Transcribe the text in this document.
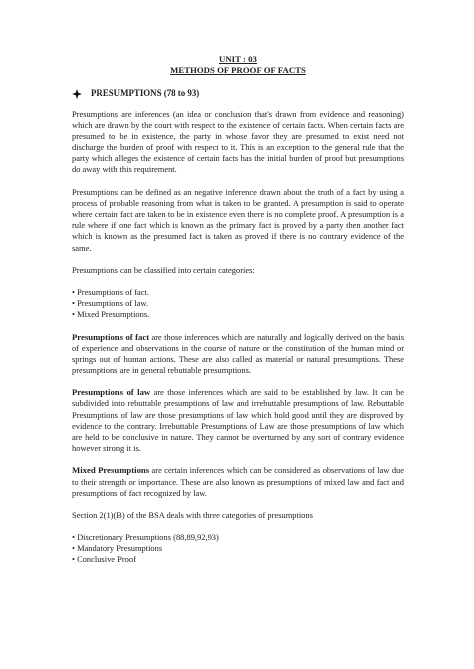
UNIT : 03
METHODS OF PROOF OF FACTS
PRESUMPTIONS (78 to 93)
Presumptions are inferences (an idea or conclusion that's drawn from evidence and reasoning) which are drawn by the court with respect to the existence of certain facts. When certain facts are presumed to be in existence, the party in whose favor they are presumed to exist need not discharge the burden of proof with respect to it. This is an exception to the general rule that the party which alleges the existence of certain facts has the initial burden of proof but presumptions do away with this requirement.
Presumptions can be defined as an negative inference drawn about the truth of a fact by using a process of probable reasoning from what is taken to be granted. A presumption is said to operate where certain fact are taken to be in existence even there is no complete proof. A presumption is a rule where if one fact which is known as the primary fact is proved by a party then another fact which is known as the presumed fact is taken as proved if there is no contrary evidence of the same.
Presumptions can be classified into certain categories:
• Presumptions of fact.
• Presumptions of law.
• Mixed Presumptions.
Presumptions of fact are those inferences which are naturally and logically derived on the basis of experience and observations in the course of nature or the constitution of the human mind or springs out of human actions. These are also called as material or natural presumptions. These presumptions are in general rebuttable presumptions.
Presumptions of law are those inferences which are said to be established by law. It can be subdivided into rebuttable presumptions of law and irrebuttable presumptions of law. Rebuttable Presumptions of law are those presumptions of law which hold good until they are disproved by evidence to the contrary. Irrebuttable Presumptions of Law are those presumptions of law which are held to be conclusive in nature. They cannot be overturned by any sort of contrary evidence however strong it is.
Mixed Presumptions are certain inferences which can be considered as observations of law due to their strength or importance. These are also known as presumptions of mixed law and fact and presumptions of fact recognized by law.
Section 2(1)(B) of the BSA deals with three categories of presumptions
• Discretionary Presumptions (88,89,92,93)
• Mandatory Presumptions
• Conclusive Proof
